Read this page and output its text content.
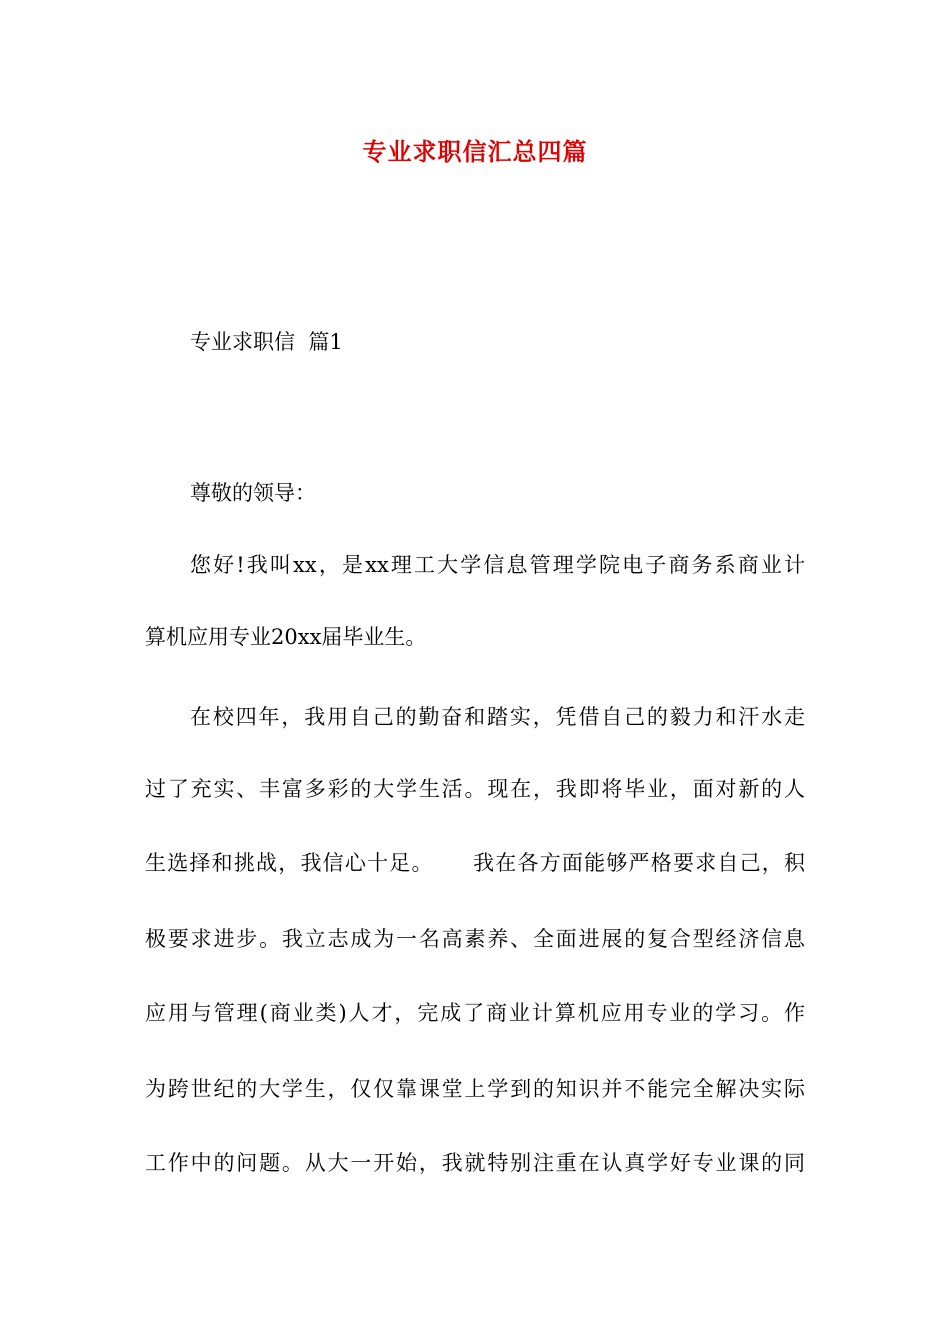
专业求职信汇总四篇
专业求职信  篇1
尊敬的领导：
您好!我叫xx，是xx理工大学信息管理学院电子商务系商业计
算机应用专业20xx届毕业生。
在校四年，我用自己的勤奋和踏实，凭借自己的毅力和汗水走
过了充实、丰富多彩的大学生活。现在，我即将毕业，面对新的人
生选择和挑战，我信心十足。     我在各方面能够严格要求自己，积
极要求进步。我立志成为一名高素养、全面进展的复合型经济信息
应用与管理(商业类)人才，完成了商业计算机应用专业的学习。作
为跨世纪的大学生，仅仅靠课堂上学到的知识并不能完全解决实际
工作中的问题。从大一开始，我就特别注重在认真学好专业课的同
